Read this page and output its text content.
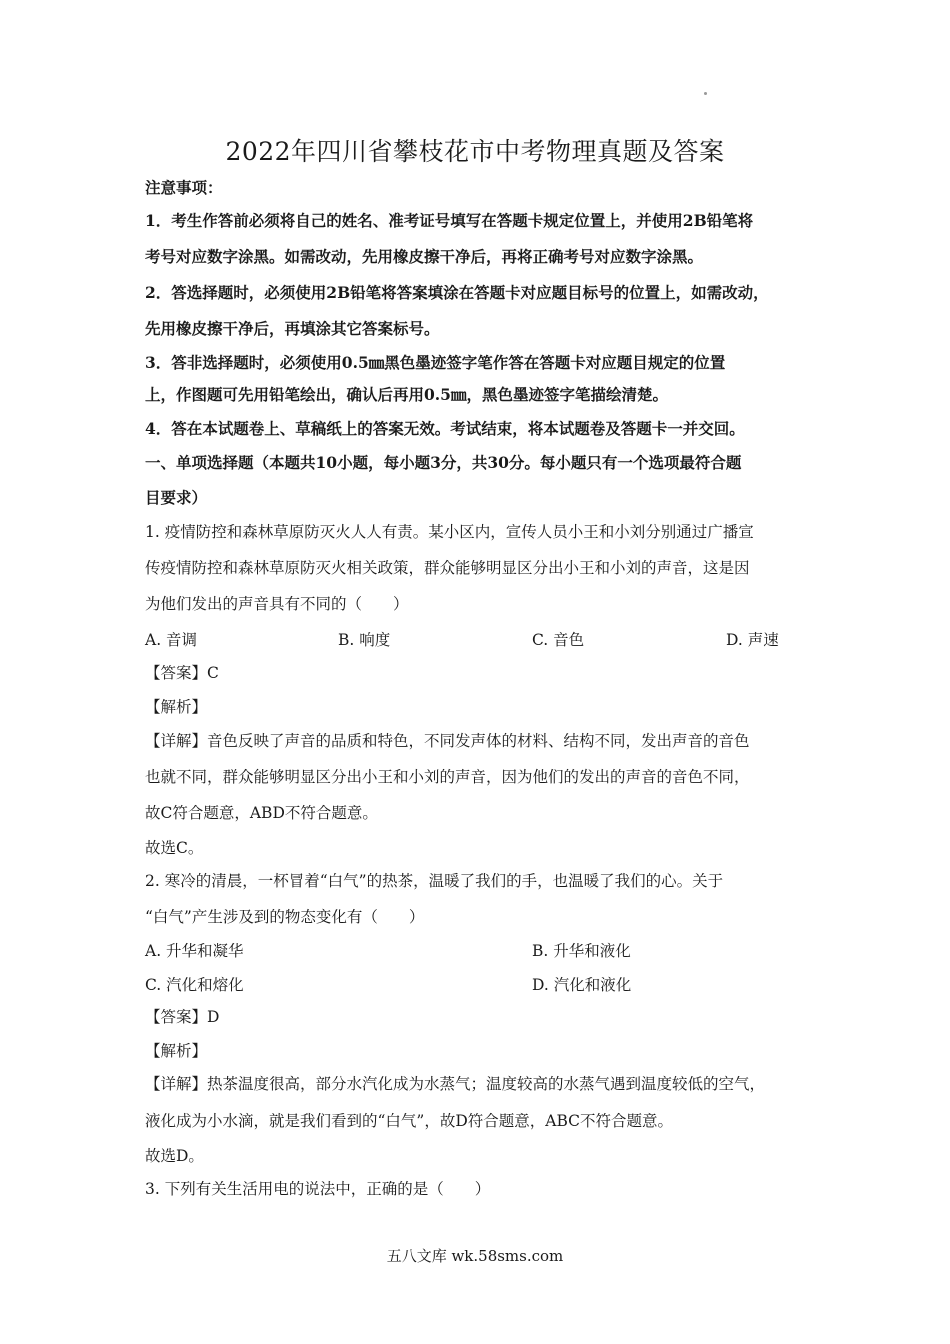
2022年四川省攀枝花市中考物理真题及答案
注意事项：
1．考生作答前必须将自己的姓名、准考证号填写在答题卡规定位置上，并使用2B铅笔将
考号对应数字涂黑。如需改动，先用橡皮擦干净后，再将正确考号对应数字涂黑。
2．答选择题时，必须使用2B铅笔将答案填涂在答题卡对应题目标号的位置上，如需改动，
先用橡皮擦干净后，再填涂其它答案标号。
3．答非选择题时，必须使用0.5㎜黑色墨迹签字笔作答在答题卡对应题目规定的位置
上，作图题可先用铅笔绘出，确认后再用0.5㎜，黑色墨迹签字笔描绘清楚。
4．答在本试题卷上、草稿纸上的答案无效。考试结束，将本试题卷及答题卡一并交回。
一、单项选择题（本题共10小题，每小题3分，共30分。每小题只有一个选项最符合题
目要求）
1. 疫情防控和森林草原防灭火人人有责。某小区内，宣传人员小王和小刘分别通过广播宣
传疫情防控和森林草原防灭火相关政策，群众能够明显区分出小王和小刘的声音，这是因
为他们发出的声音具有不同的（　　）
A. 音调	B. 响度	C. 音色	D. 声速
【答案】C
【解析】
【详解】音色反映了声音的品质和特色，不同发声体的材料、结构不同，发出声音的音色
也就不同，群众能够明显区分出小王和小刘的声音，因为他们的发出的声音的音色不同，
故C符合题意，ABD不符合题意。
故选C。
2. 寒冷的清晨，一杯冒着“白气”的热茶，温暖了我们的手，也温暖了我们的心。关于
“白气”产生涉及到的物态变化有（　　）
A. 升华和凝华	B. 升华和液化
C. 汽化和熔化	D. 汽化和液化
【答案】D
【解析】
【详解】热茶温度很高，部分水汽化成为水蒸气；温度较高的水蒸气遇到温度较低的空气，
液化成为小水滴，就是我们看到的“白气”，故D符合题意，ABC不符合题意。
故选D。
3. 下列有关生活用电的说法中，正确的是（　　）
五八文库 wk.58sms.com
